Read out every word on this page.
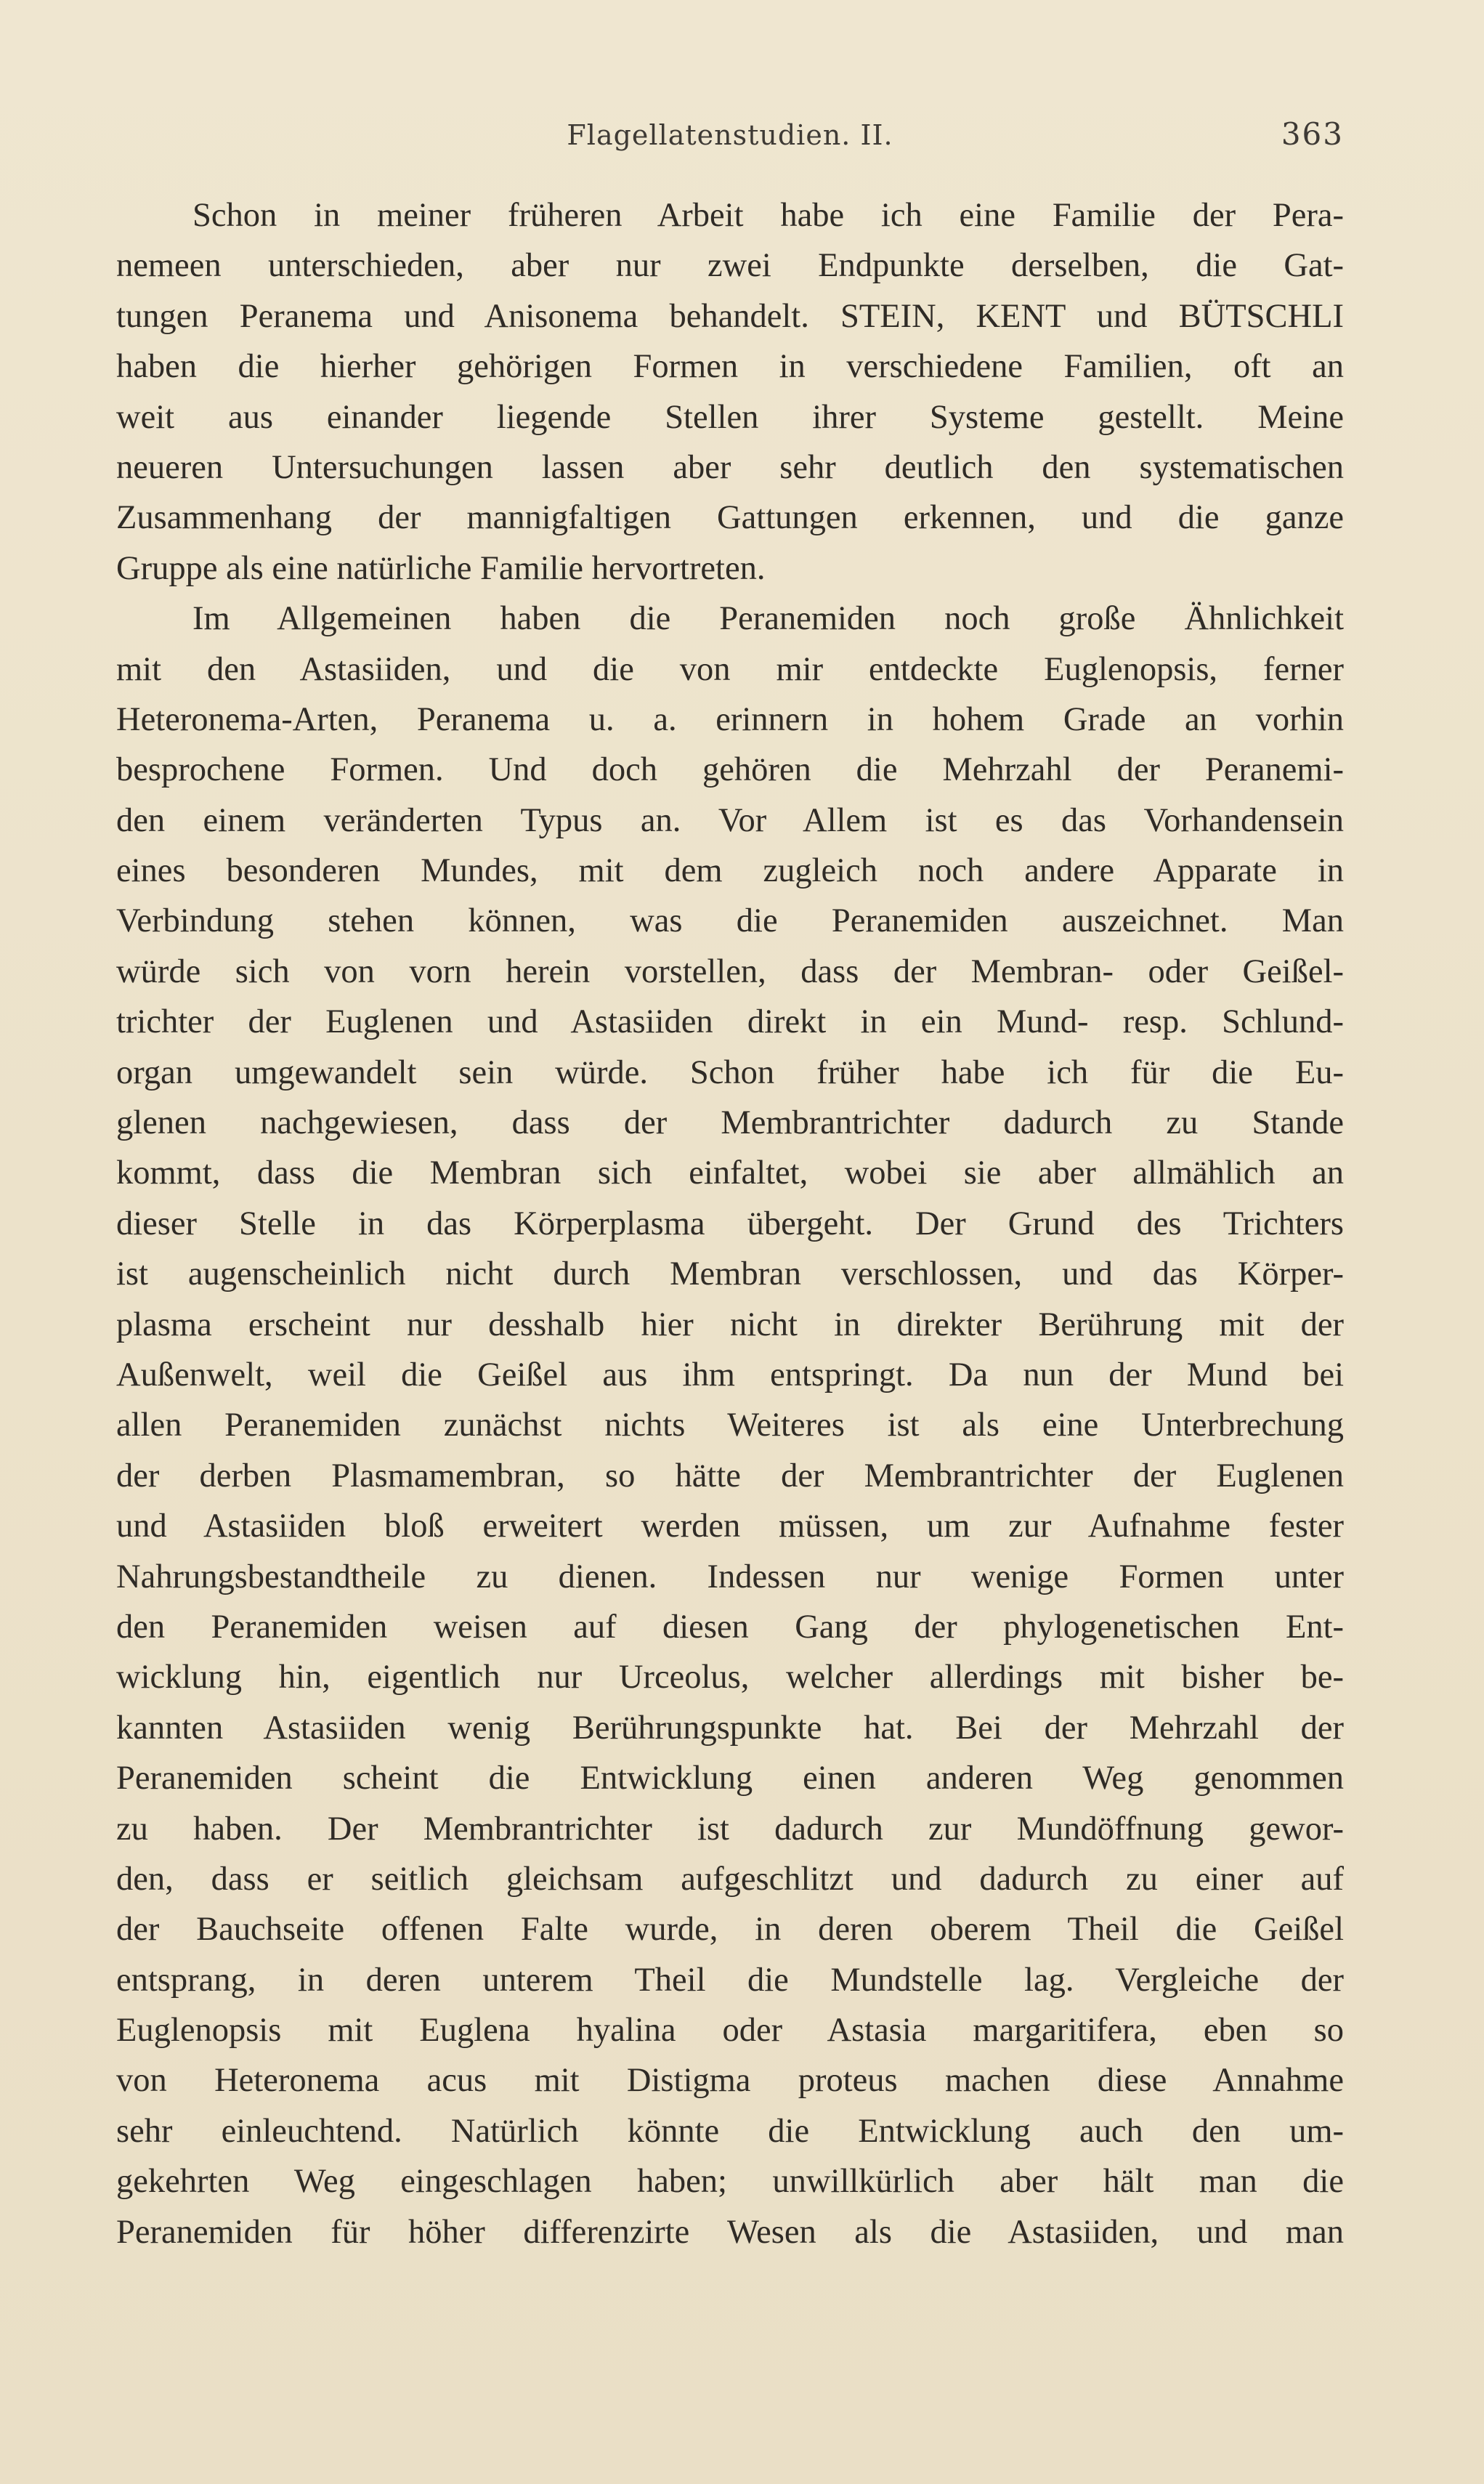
Flagellatenstudien. II.	363
Schon in meiner früheren Arbeit habe ich eine Familie der Pera-
nemeen unterschieden, aber nur zwei Endpunkte derselben, die Gat-
tungen Peranema und Anisonema behandelt. STEIN, KENT und BÜTSCHLI
haben die hierher gehörigen Formen in verschiedene Familien, oft an
weit aus einander liegende Stellen ihrer Systeme gestellt. Meine
neueren Untersuchungen lassen aber sehr deutlich den systematischen
Zusammenhang der mannigfaltigen Gattungen erkennen, und die ganze
Gruppe als eine natürliche Familie hervortreten.
Im Allgemeinen haben die Peranemiden noch große Ähnlichkeit
mit den Astasiiden, und die von mir entdeckte Euglenopsis, ferner
Heteronema-Arten, Peranema u. a. erinnern in hohem Grade an vorhin
besprochene Formen. Und doch gehören die Mehrzahl der Peranemi-
den einem veränderten Typus an. Vor Allem ist es das Vorhandensein
eines besonderen Mundes, mit dem zugleich noch andere Apparate in
Verbindung stehen können, was die Peranemiden auszeichnet. Man
würde sich von vorn herein vorstellen, dass der Membran- oder Geißel-
trichter der Euglenen und Astasiiden direkt in ein Mund- resp. Schlund-
organ umgewandelt sein würde. Schon früher habe ich für die Eu-
glenen nachgewiesen, dass der Membrantrichter dadurch zu Stande
kommt, dass die Membran sich einfaltet, wobei sie aber allmählich an
dieser Stelle in das Körperplasma übergeht. Der Grund des Trichters
ist augenscheinlich nicht durch Membran verschlossen, und das Körper-
plasma erscheint nur desshalb hier nicht in direkter Berührung mit der
Außenwelt, weil die Geißel aus ihm entspringt. Da nun der Mund bei
allen Peranemiden zunächst nichts Weiteres ist als eine Unterbrechung
der derben Plasmamembran, so hätte der Membrantrichter der Euglenen
und Astasiiden bloß erweitert werden müssen, um zur Aufnahme fester
Nahrungsbestandtheile zu dienen. Indessen nur wenige Formen unter
den Peranemiden weisen auf diesen Gang der phylogenetischen Ent-
wicklung hin, eigentlich nur Urceolus, welcher allerdings mit bisher be-
kannten Astasiiden wenig Berührungspunkte hat. Bei der Mehrzahl der
Peranemiden scheint die Entwicklung einen anderen Weg genommen
zu haben. Der Membrantrichter ist dadurch zur Mundöffnung gewor-
den, dass er seitlich gleichsam aufgeschlitzt und dadurch zu einer auf
der Bauchseite offenen Falte wurde, in deren oberem Theil die Geißel
entsprang, in deren unterem Theil die Mundstelle lag. Vergleiche der
Euglenopsis mit Euglena hyalina oder Astasia margaritifera, eben so
von Heteronema acus mit Distigma proteus machen diese Annahme
sehr einleuchtend. Natürlich könnte die Entwicklung auch den um-
gekehrten Weg eingeschlagen haben; unwillkürlich aber hält man die
Peranemiden für höher differenzirte Wesen als die Astasiiden, und man
